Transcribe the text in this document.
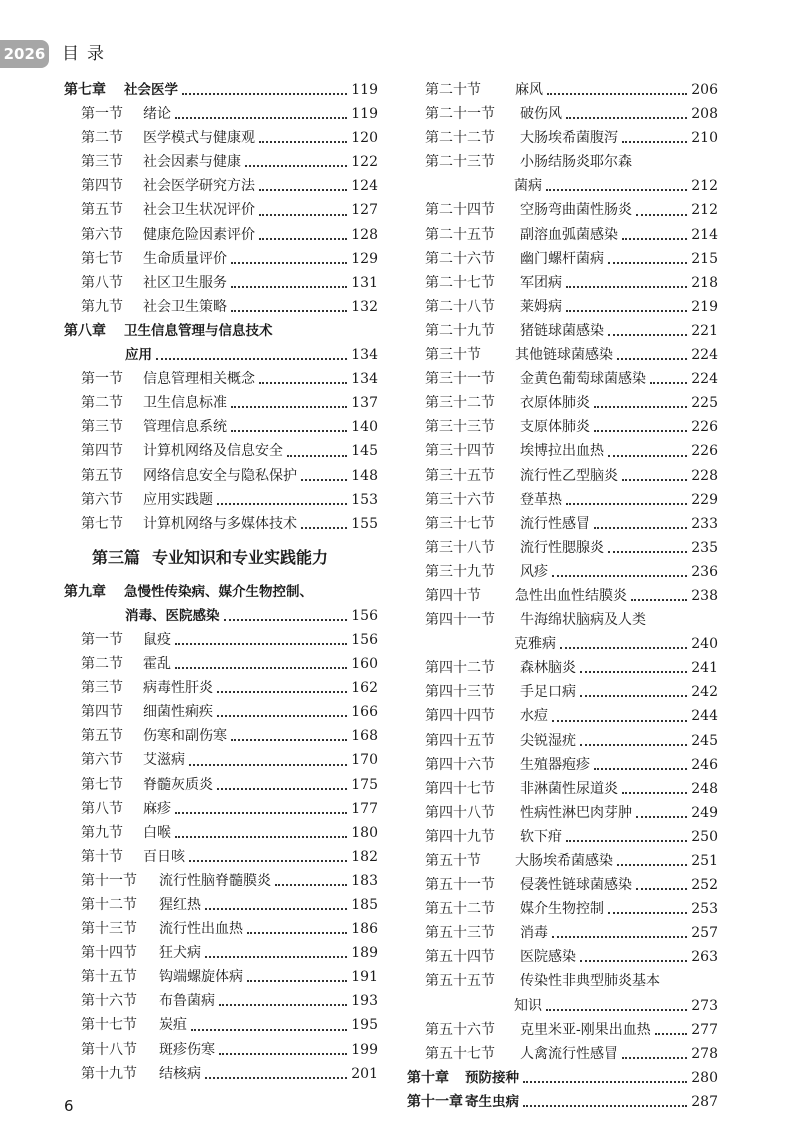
2026 目录
第七章	社会医学	119
第一节	绪论	119
第二节	医学模式与健康观	120
第三节	社会因素与健康	122
第四节	社会医学研究方法	124
第五节	社会卫生状况评价	127
第六节	健康危险因素评价	128
第七节	生命质量评价	129
第八节	社区卫生服务	131
第九节	社会卫生策略	132
第八章	卫生信息管理与信息技术
应用	134
第一节	信息管理相关概念	134
第二节	卫生信息标准	137
第三节	管理信息系统	140
第四节	计算机网络及信息安全	145
第五节	网络信息安全与隐私保护	148
第六节	应用实践题	153
第七节	计算机网络与多媒体技术	155
第三篇 专业知识和专业实践能力
第九章	急慢性传染病、媒介生物控制、
消毒、医院感染	156
第一节	鼠疫	156
第二节	霍乱	160
第三节	病毒性肝炎	162
第四节	细菌性痢疾	166
第五节	伤寒和副伤寒	168
第六节	艾滋病	170
第七节	脊髓灰质炎	175
第八节	麻疹	177
第九节	白喉	180
第十节	百日咳	182
第十一节	流行性脑脊髓膜炎	183
第十二节	猩红热	185
第十三节	流行性出血热	186
第十四节	狂犬病	189
第十五节	钩端螺旋体病	191
第十六节	布鲁菌病	193
第十七节	炭疽	195
第十八节	斑疹伤寒	199
第十九节	结核病	201
第二十节	麻风	206
第二十一节	破伤风	208
第二十二节	大肠埃希菌腹泻	210
第二十三节	小肠结肠炎耶尔森
菌病	212
第二十四节	空肠弯曲菌性肠炎	212
第二十五节	副溶血弧菌感染	214
第二十六节	幽门螺杆菌病	215
第二十七节	军团病	218
第二十八节	莱姆病	219
第二十九节	猪链球菌感染	221
第三十节	其他链球菌感染	224
第三十一节	金黄色葡萄球菌感染	224
第三十二节	衣原体肺炎	225
第三十三节	支原体肺炎	226
第三十四节	埃博拉出血热	226
第三十五节	流行性乙型脑炎	228
第三十六节	登革热	229
第三十七节	流行性感冒	233
第三十八节	流行性腮腺炎	235
第三十九节	风疹	236
第四十节	急性出血性结膜炎	238
第四十一节	牛海绵状脑病及人类
克雅病	240
第四十二节	森林脑炎	241
第四十三节	手足口病	242
第四十四节	水痘	244
第四十五节	尖锐湿疣	245
第四十六节	生殖器疱疹	246
第四十七节	非淋菌性尿道炎	248
第四十八节	性病性淋巴肉芽肿	249
第四十九节	软下疳	250
第五十节	大肠埃希菌感染	251
第五十一节	侵袭性链球菌感染	252
第五十二节	媒介生物控制	253
第五十三节	消毒	257
第五十四节	医院感染	263
第五十五节	传染性非典型肺炎基本
知识	273
第五十六节	克里米亚-刚果出血热	277
第五十七节	人禽流行性感冒	278
第十章	预防接种	280
第十一章 寄生虫病	287
6
